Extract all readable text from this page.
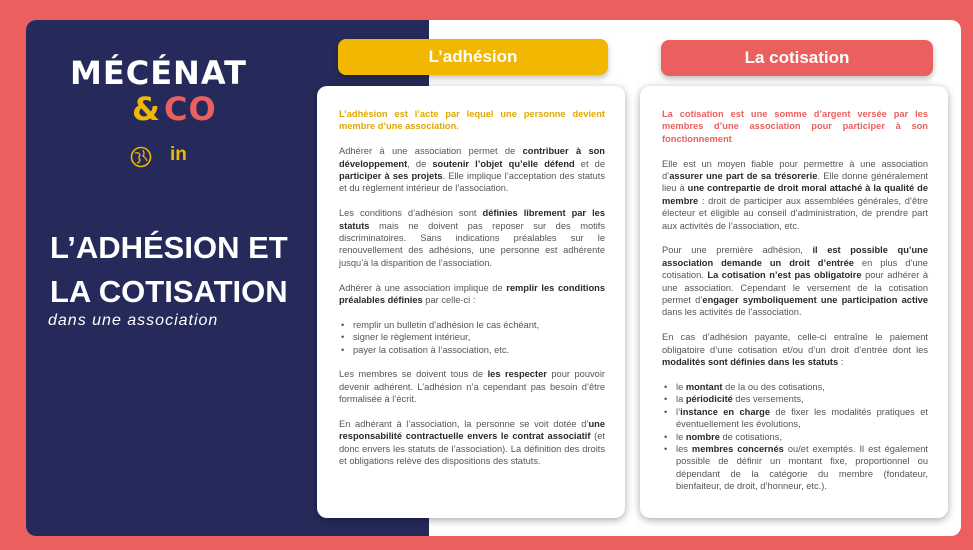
MÉCÉNAT
& CO
in
L’ADHÉSION ET
LA COTISATION
dans une association
L’adhésion	La cotisation

L’adhésion est l’acte par lequel une personne devient membre d’une association.

Adhérer à une association permet de contribuer à son développement, de soutenir l’objet qu’elle défend et de participer à ses projets. Elle implique l’acceptation des statuts et du règlement intérieur de l’association.

Les conditions d’adhésion sont définies librement par les statuts mais ne doivent pas reposer sur des motifs discriminatoires. Sans indications préalables sur le renouvellement des adhésions, une personne est adhérente jusqu’à la disparition de l’association.

Adhérer à une association implique de remplir les conditions préalables définies par celle-ci :

• remplir un bulletin d’adhésion le cas échéant,
• signer le règlement intérieur,
• payer la cotisation à l’association, etc.

Les membres se doivent tous de les respecter pour pouvoir devenir adhérent. L’adhésion n’a cependant pas besoin d’être formalisée à l’écrit.

En adhérant à l’association, la personne se voit dotée d’une responsabilité contractuelle envers le contrat associatif (et donc envers les statuts de l’association). La définition des droits et obligations relève des dispositions des statuts.

La cotisation est une somme d’argent versée par les membres d’une association pour participer à son fonctionnement

Elle est un moyen fiable pour permettre à une association d’assurer une part de sa trésorerie. Elle donne généralement lieu à une contrepartie de droit moral attaché à la qualité de membre : droit de participer aux assemblées générales, d’être électeur et éligible au conseil d’administration, de prendre part aux activités de l’association, etc.

Pour une première adhésion, il est possible qu’une association demande un droit d’entrée en plus d’une cotisation. La cotisation n’est pas obligatoire pour adhérer à une association. Cependant le versement de la cotisation permet d’engager symboliquement une participation active dans les activités de l’association.

En cas d’adhésion payante, celle-ci entraîne le paiement obligatoire d’une cotisation et/ou d’un droit d’entrée dont les modalités sont définies dans les statuts :

• le montant de la ou des cotisations,
• la périodicité des versements,
• l’instance en charge de fixer les modalités pratiques et éventuellement les évolutions,
• le nombre de cotisations,
• les membres concernés ou/et exemptés. Il est également possible de définir un montant fixe, proportionnel ou dépendant de la catégorie du membre (fondateur, bienfaiteur, de droit, d’honneur, etc.).
